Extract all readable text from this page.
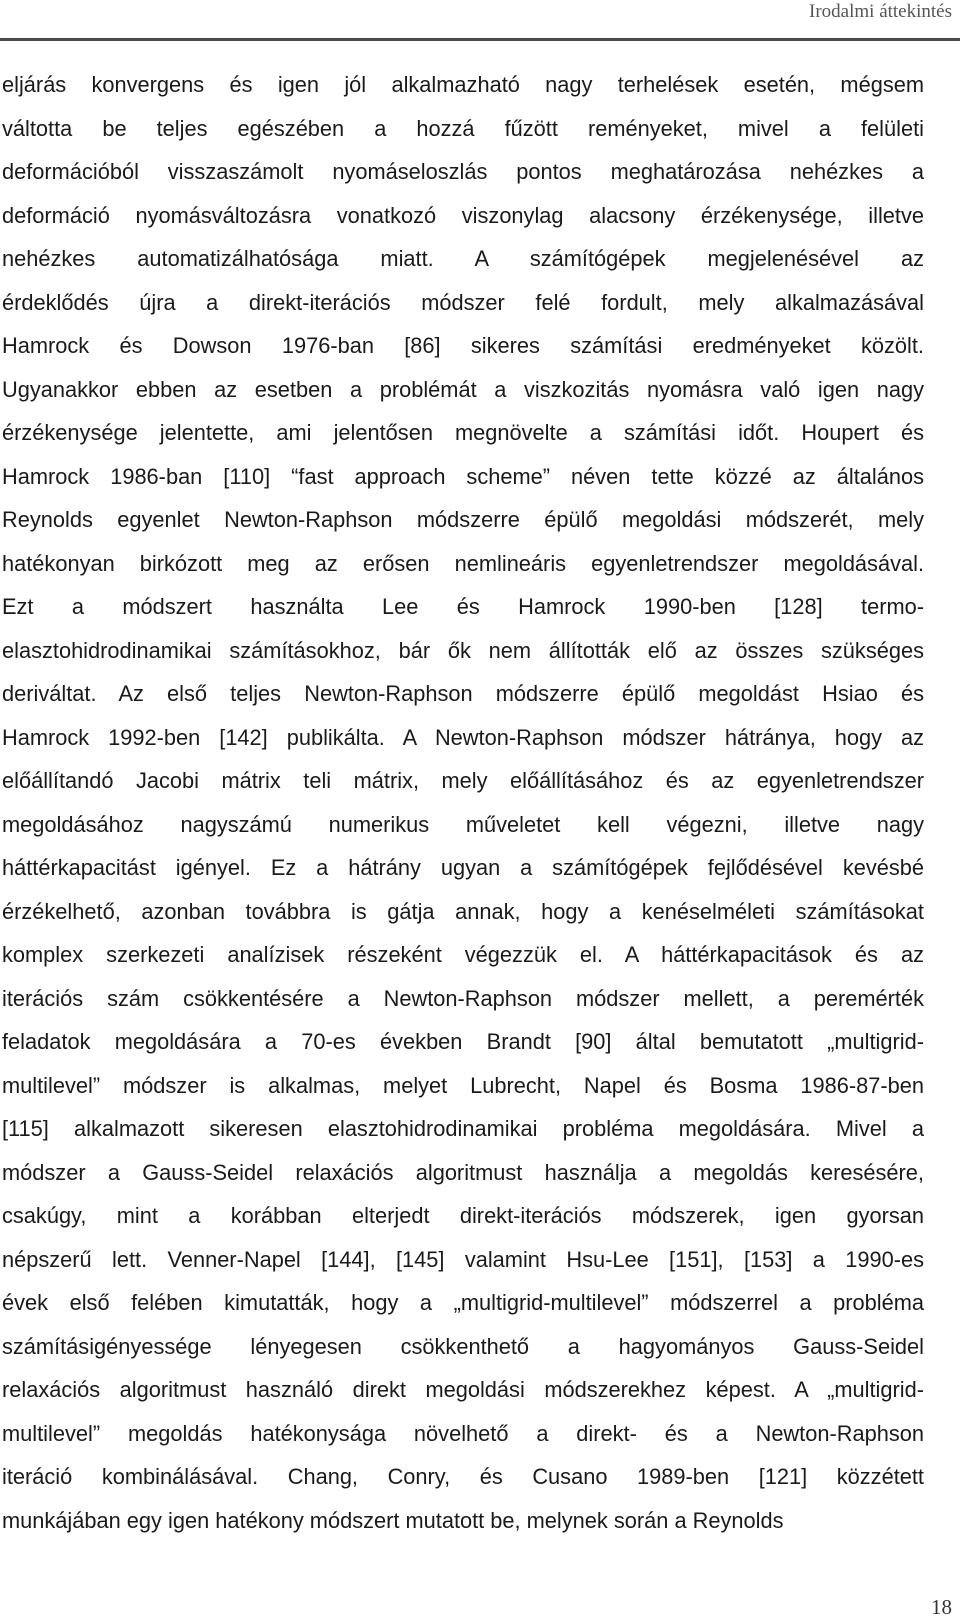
Irodalmi áttekintés
eljárás konvergens és igen jól alkalmazható nagy terhelések esetén, mégsem
váltotta be teljes egészében a hozzá fűzött reményeket, mivel a felületi
deformációból visszaszámolt nyomáseloszlás pontos meghatározása nehézkes a
deformáció nyomásváltozásra vonatkozó viszonylag alacsony érzékenysége, illetve
nehézkes automatizálhatósága miatt. A számítógépek megjelenésével az
érdeklődés újra a direkt-iterációs módszer felé fordult, mely alkalmazásával
Hamrock és Dowson 1976-ban [86] sikeres számítási eredményeket közölt.
Ugyanakkor ebben az esetben a problémát a viszkozitás nyomásra való igen nagy
érzékenysége jelentette, ami jelentősen megnövelte a számítási időt. Houpert és
Hamrock 1986-ban [110] “fast approach scheme” néven tette közzé az általános
Reynolds egyenlet Newton-Raphson módszerre épülő megoldási módszerét, mely
hatékonyan birkózott meg az erősen nemlineáris egyenletrendszer megoldásával.
Ezt a módszert használta Lee és Hamrock 1990-ben [128] termo-
elasztohidrodinamikai számításokhoz, bár ők nem állították elő az összes szükséges
deriváltat. Az első teljes Newton-Raphson módszerre épülő megoldást Hsiao és
Hamrock 1992-ben [142] publikálta. A Newton-Raphson módszer hátránya, hogy az
előállítandó Jacobi mátrix teli mátrix, mely előállításához és az egyenletrendszer
megoldásához nagyszámú numerikus műveletet kell végezni, illetve nagy
háttérkapacitást igényel. Ez a hátrány ugyan a számítógépek fejlődésével kevésbé
érzékelhető, azonban továbbra is gátja annak, hogy a kenéselméleti számításokat
komplex szerkezeti analízisek részeként végezzük el. A háttérkapacitások és az
iterációs szám csökkentésére a Newton-Raphson módszer mellett, a peremérték
feladatok megoldására a 70-es években Brandt [90] által bemutatott „multigrid-
multilevel” módszer is alkalmas, melyet Lubrecht, Napel és Bosma 1986-87-ben
[115] alkalmazott sikeresen elasztohidrodinamikai probléma megoldására. Mivel a
módszer a Gauss-Seidel relaxációs algoritmust használja a megoldás keresésére,
csakúgy, mint a korábban elterjedt direkt-iterációs módszerek, igen gyorsan
népszerű lett. Venner-Napel [144], [145] valamint Hsu-Lee [151], [153] a 1990-es
évek első felében kimutatták, hogy a „multigrid-multilevel” módszerrel a probléma
számításigényessége lényegesen csökkenthető a hagyományos Gauss-Seidel
relaxációs algoritmust használó direkt megoldási módszerekhez képest. A „multigrid-
multilevel” megoldás hatékonysága növelhető a direkt- és a Newton-Raphson
iteráció kombinálásával. Chang, Conry, és Cusano 1989-ben [121] közzétett
munkájában egy igen hatékony módszert mutatott be, melynek során a Reynolds
18
